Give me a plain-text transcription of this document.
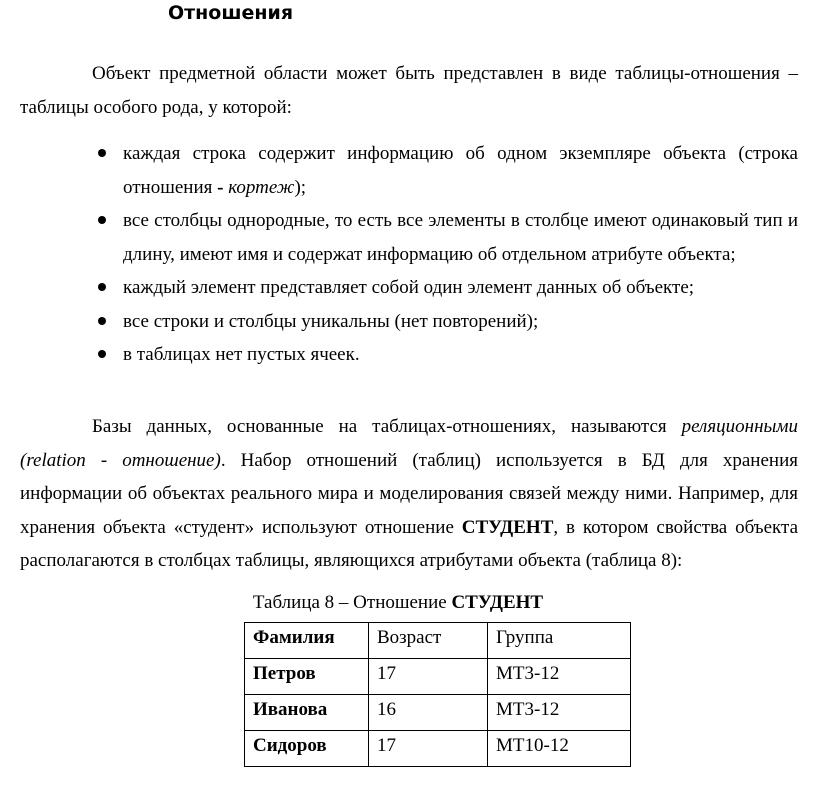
Отношения

Объект предметной области может быть представлен в виде таблицы-отношения – таблицы особого рода, у которой:

каждая строка содержит информацию об одном экземпляре объекта (строка отношения - кортеж);
все столбцы однородные, то есть все элементы в столбце имеют одинаковый тип и длину, имеют имя и содержат информацию об отдельном атрибуте объекта;
каждый элемент представляет собой один элемент данных об объекте;
все строки и столбцы уникальны (нет повторений);
в таблицах нет пустых ячеек.

Базы данных, основанные на таблицах-отношениях, называются реляционными (relation - отношение). Набор отношений (таблиц) используется в БД для хранения информации об объектах реального мира и моделирования связей между ними. Например, для хранения объекта «студент» используют отношение СТУДЕНТ, в котором свойства объекта располагаются в столбцах таблицы, являющихся атрибутами объекта (таблица 8):

Таблица 8 – Отношение СТУДЕНТ
Фамилия	Возраст	Группа
Петров	17	МТ3-12
Иванова	16	МТ3-12
Сидоров	17	МТ10-12
